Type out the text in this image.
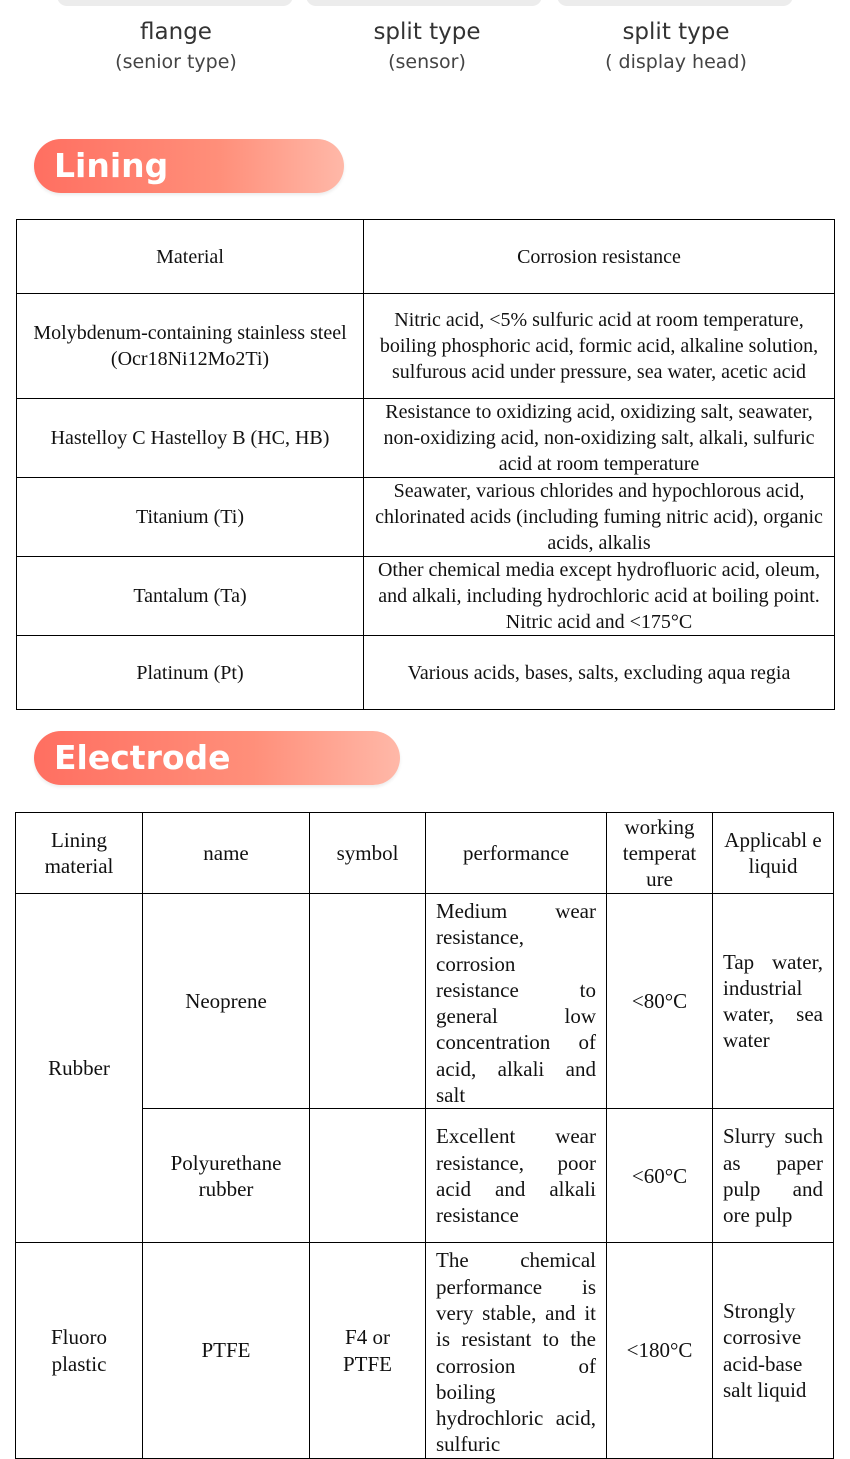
flange
(senior type)
split type
(sensor)
split type
( display head)
Lining selection
Material	Corrosion resistance
Molybdenum-containing stainless steel (Ocr18Ni12Mo2Ti)	Nitric acid, <5% sulfuric acid at room temperature, boiling phosphoric acid, formic acid, alkaline solution, sulfurous acid under pressure, sea water, acetic acid
Hastelloy C Hastelloy B (HC, HB)	Resistance to oxidizing acid, oxidizing salt, seawater, non-oxidizing acid, non-oxidizing salt, alkali, sulfuric acid at room temperature
Titanium (Ti)	Seawater, various chlorides and hypochlorous acid, chlorinated acids (including fuming nitric acid), organic acids, alkalis
Tantalum (Ta)	Other chemical media except hydrofluoric acid, oleum, and alkali, including hydrochloric acid at boiling point. Nitric acid and <175°C
Platinum (Pt)	Various acids, bases, salts, excluding aqua regia
Electrode selection
Lining material	name	symbol	performance	working temperat ure	Applicabl e liquid
Rubber	Neoprene		Medium wear resistance, corrosion resistance to general low concentration of acid, alkali and salt	<80°C	Tap water, industrial water, sea water
	Polyurethane rubber		Excellent wear resistance, poor acid and alkali resistance	<60°C	Slurry such as paper pulp and ore pulp
Fluoro plastic	PTFE	F4 or PTFE	The chemical performance is very stable, and it is resistant to the corrosion of boiling hydrochloric acid, sulfuric	<180°C	Strongly corrosive acid-base salt liquid
